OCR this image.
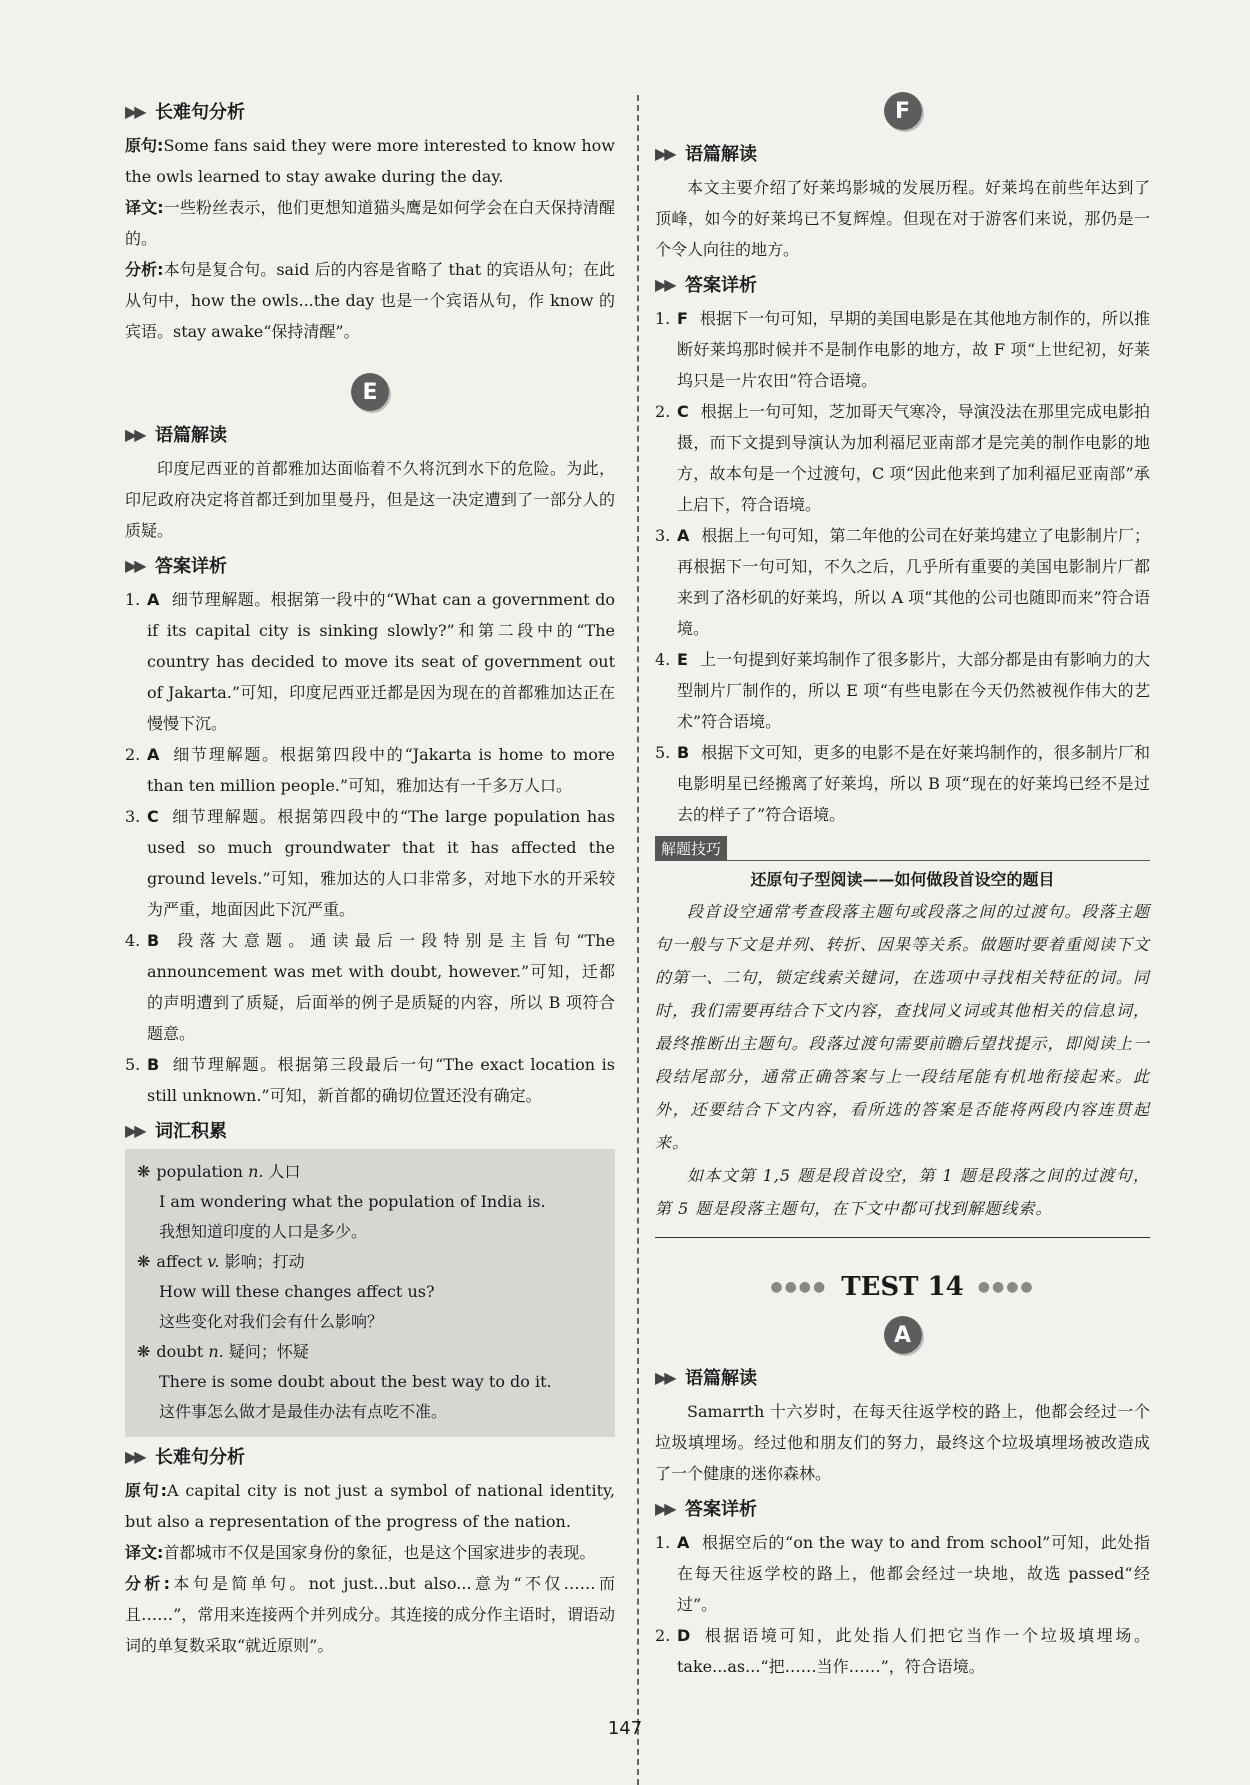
▶▶ 长难句分析

原句:Some fans said they were more interested to know how the owls learned to stay awake during the day.

译文:一些粉丝表示，他们更想知道猫头鹰是如何学会在白天保持清醒的。

分析:本句是复合句。said 后的内容是省略了 that 的宾语从句；在此从句中，how the owls...the day 也是一个宾语从句，作 know 的宾语。stay awake“保持清醒”。

E
▶▶ 语篇解读

印度尼西亚的首都雅加达面临着不久将沉到水下的危险。为此，印尼政府决定将首都迁到加里曼丹，但是这一决定遭到了一部分人的质疑。

▶▶ 答案详析
1. A 细节理解题。根据第一段中的“What can a government do if its capital city is sinking slowly?”和第二段中的“The country has decided to move its seat of government out of Jakarta.”可知，印度尼西亚迁都是因为现在的首都雅加达正在慢慢下沉。

2. A 细节理解题。根据第四段中的“Jakarta is home to more than ten million people.”可知，雅加达有一千多万人口。

3. C 细节理解题。根据第四段中的“The large population has used so much groundwater that it has affected the ground levels.”可知，雅加达的人口非常多，对地下水的开采较为严重，地面因此下沉严重。

4. B 段落大意题。通读最后一段特别是主旨句“The announcement was met with doubt, however.”可知，迁都的声明遭到了质疑，后面举的例子是质疑的内容，所以 B 项符合题意。

5. B 细节理解题。根据第三段最后一句“The exact location is still unknown.”可知，新首都的确切位置还没有确定。

▶▶ 词汇积累

❋ population n. 人口

I am wondering what the population of India is.

我想知道印度的人口是多少。

❋ affect v. 影响；打动

How will these changes affect us?

这些变化对我们会有什么影响？

❋ doubt n. 疑问；怀疑

There is some doubt about the best way to do it.

这件事怎么做才是最佳办法有点吃不准。

▶▶ 长难句分析

原句:A capital city is not just a symbol of national identity, but also a representation of the progress of the nation.

译文:首都城市不仅是国家身份的象征，也是这个国家进步的表现。

分析:本句是简单句。not just...but also...意为“不仅……而且……”，常用来连接两个并列成分。其连接的成分作主语时，谓语动词的单复数采取“就近原则”。

F
▶▶ 语篇解读

本文主要介绍了好莱坞影城的发展历程。好莱坞在前些年达到了顶峰，如今的好莱坞已不复辉煌。但现在对于游客们来说，那仍是一个令人向往的地方。

▶▶ 答案详析
1. F 根据下一句可知，早期的美国电影是在其他地方制作的，所以推断好莱坞那时候并不是制作电影的地方，故 F 项“上世纪初，好莱坞只是一片农田”符合语境。

2. C 根据上一句可知，芝加哥天气寒冷，导演没法在那里完成电影拍摄，而下文提到导演认为加利福尼亚南部才是完美的制作电影的地方，故本句是一个过渡句，C 项“因此他来到了加利福尼亚南部”承上启下，符合语境。

3. A 根据上一句可知，第二年他的公司在好莱坞建立了电影制片厂；再根据下一句可知，不久之后，几乎所有重要的美国电影制片厂都来到了洛杉矶的好莱坞，所以 A 项“其他的公司也随即而来”符合语境。

4. E 上一句提到好莱坞制作了很多影片，大部分都是由有影响力的大型制片厂制作的，所以 E 项“有些电影在今天仍然被视作伟大的艺术”符合语境。

5. B 根据下文可知，更多的电影不是在好莱坞制作的，很多制片厂和电影明星已经搬离了好莱坞，所以 B 项“现在的好莱坞已经不是过去的样子了”符合语境。

解题技巧
还原句子型阅读——如何做段首设空的题目

段首设空通常考查段落主题句或段落之间的过渡句。段落主题句一般与下文是并列、转折、因果等关系。做题时要着重阅读下文的第一、二句，锁定线索关键词，在选项中寻找相关特征的词。同时，我们需要再结合下文内容，查找同义词或其他相关的信息词，最终推断出主题句。段落过渡句需要前瞻后望找提示，即阅读上一段结尾部分，通常正确答案与上一段结尾能有机地衔接起来。此外，还要结合下文内容，看所选的答案是否能将两段内容连贯起来。

如本文第 1,5 题是段首设空，第 1 题是段落之间的过渡句，第 5 题是段落主题句，在下文中都可找到解题线索。

●●●● TEST 14 ●●●●
A
▶▶ 语篇解读

Samarrth 十六岁时，在每天往返学校的路上，他都会经过一个垃圾填埋场。经过他和朋友们的努力，最终这个垃圾填埋场被改造成了一个健康的迷你森林。

▶▶ 答案详析
1. A 根据空后的“on the way to and from school”可知，此处指在每天往返学校的路上，他都会经过一块地，故选 passed“经过”。

2. D 根据语境可知，此处指人们把它当作一个垃圾填埋场。take...as...“把……当作……”，符合语境。

147
